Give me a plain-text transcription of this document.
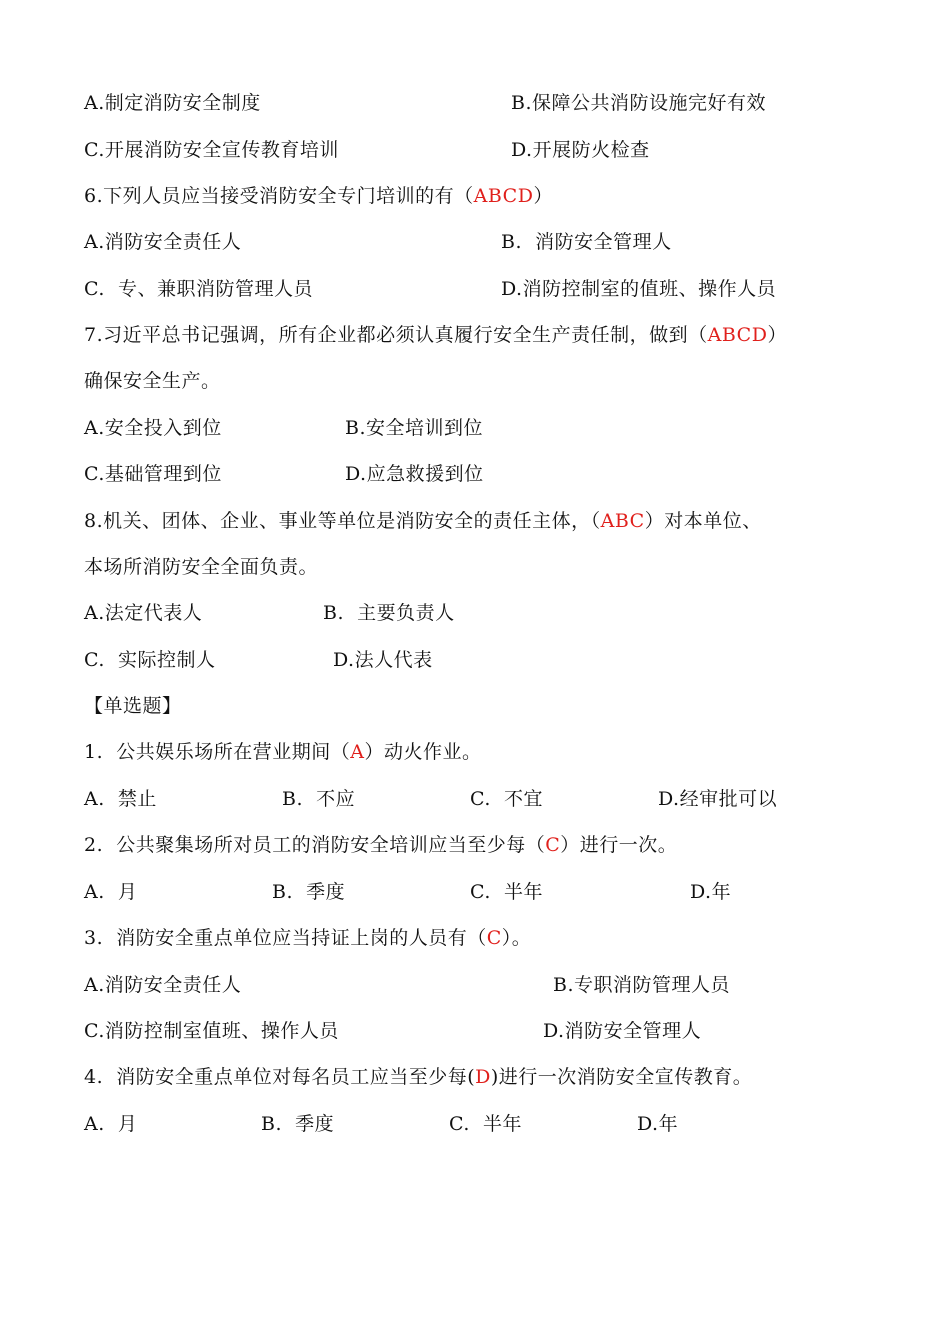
A.制定消防安全制度	B.保障公共消防设施完好有效
C.开展消防安全宣传教育培训	D.开展防火检查
6.下列人员应当接受消防安全专门培训的有（ABCD）
A.消防安全责任人	B.  消防安全管理人
C.  专、兼职消防管理人员	D.消防控制室的值班、操作人员
7.习近平总书记强调，所有企业都必须认真履行安全生产责任制，做到（ABCD）
确保安全生产。
A.安全投入到位	B.安全培训到位
C.基础管理到位	D.应急救援到位
8.机关、团体、企业、事业等单位是消防安全的责任主体，（ABC）对本单位、
本场所消防安全全面负责。
A.法定代表人	B.  主要负责人
C.  实际控制人	D.法人代表
【单选题】
1.  公共娱乐场所在营业期间（A）动火作业。
A.  禁止	B.  不应	C.  不宜	D.经审批可以
2.  公共聚集场所对员工的消防安全培训应当至少每（C）进行一次。
A.  月	B.  季度	C.  半年	D.年
3.  消防安全重点单位应当持证上岗的人员有（C）。
A.消防安全责任人	B.专职消防管理人员
C.消防控制室值班、操作人员	D.消防安全管理人
4.  消防安全重点单位对每名员工应当至少每(D)进行一次消防安全宣传教育。
A.  月	B.  季度	C.  半年	D.年
